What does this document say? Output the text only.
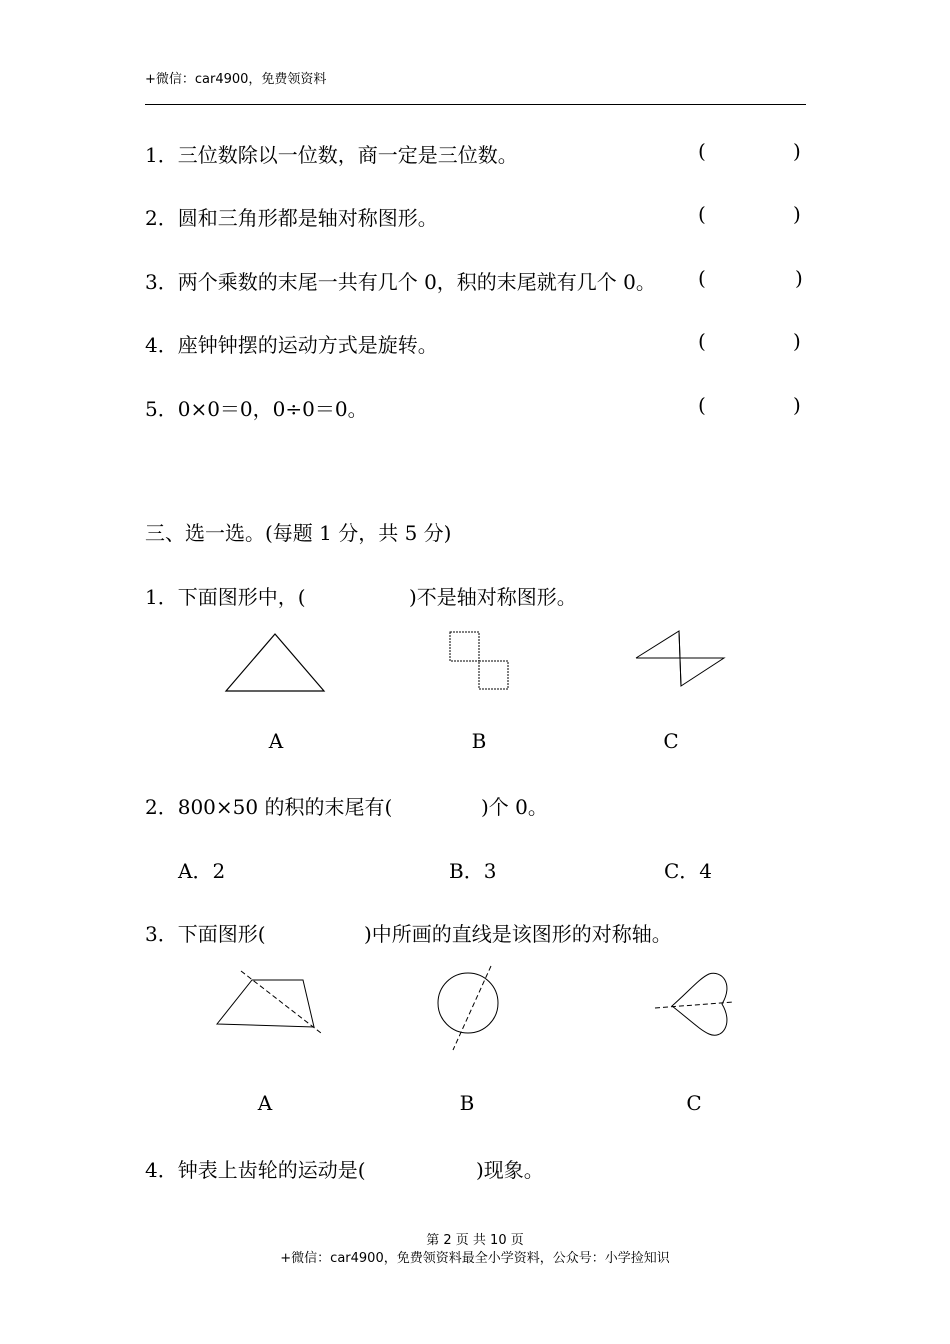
+微信：car4900，免费领资料
1．三位数除以一位数，商一定是三位数。	(	)
2．圆和三角形都是轴对称图形。	(	)
3．两个乘数的末尾一共有几个 0，积的末尾就有几个 0。 (	)
4．座钟钟摆的运动方式是旋转。	(	)
5．0×0＝0，0÷0＝0。	(	)
三、选一选。(每题 1 分，共 5 分)
1．下面图形中，(	)不是轴对称图形。
A	B	C
2．800×50 的积的末尾有(	)个 0。
A．2	B．3	C．4
3．下面图形(	)中所画的直线是该图形的对称轴。
A	B	C
4．钟表上齿轮的运动是(	)现象。
第 2 页 共 10 页
+微信：car4900，免费领资料最全小学资料，公众号：小学捡知识
